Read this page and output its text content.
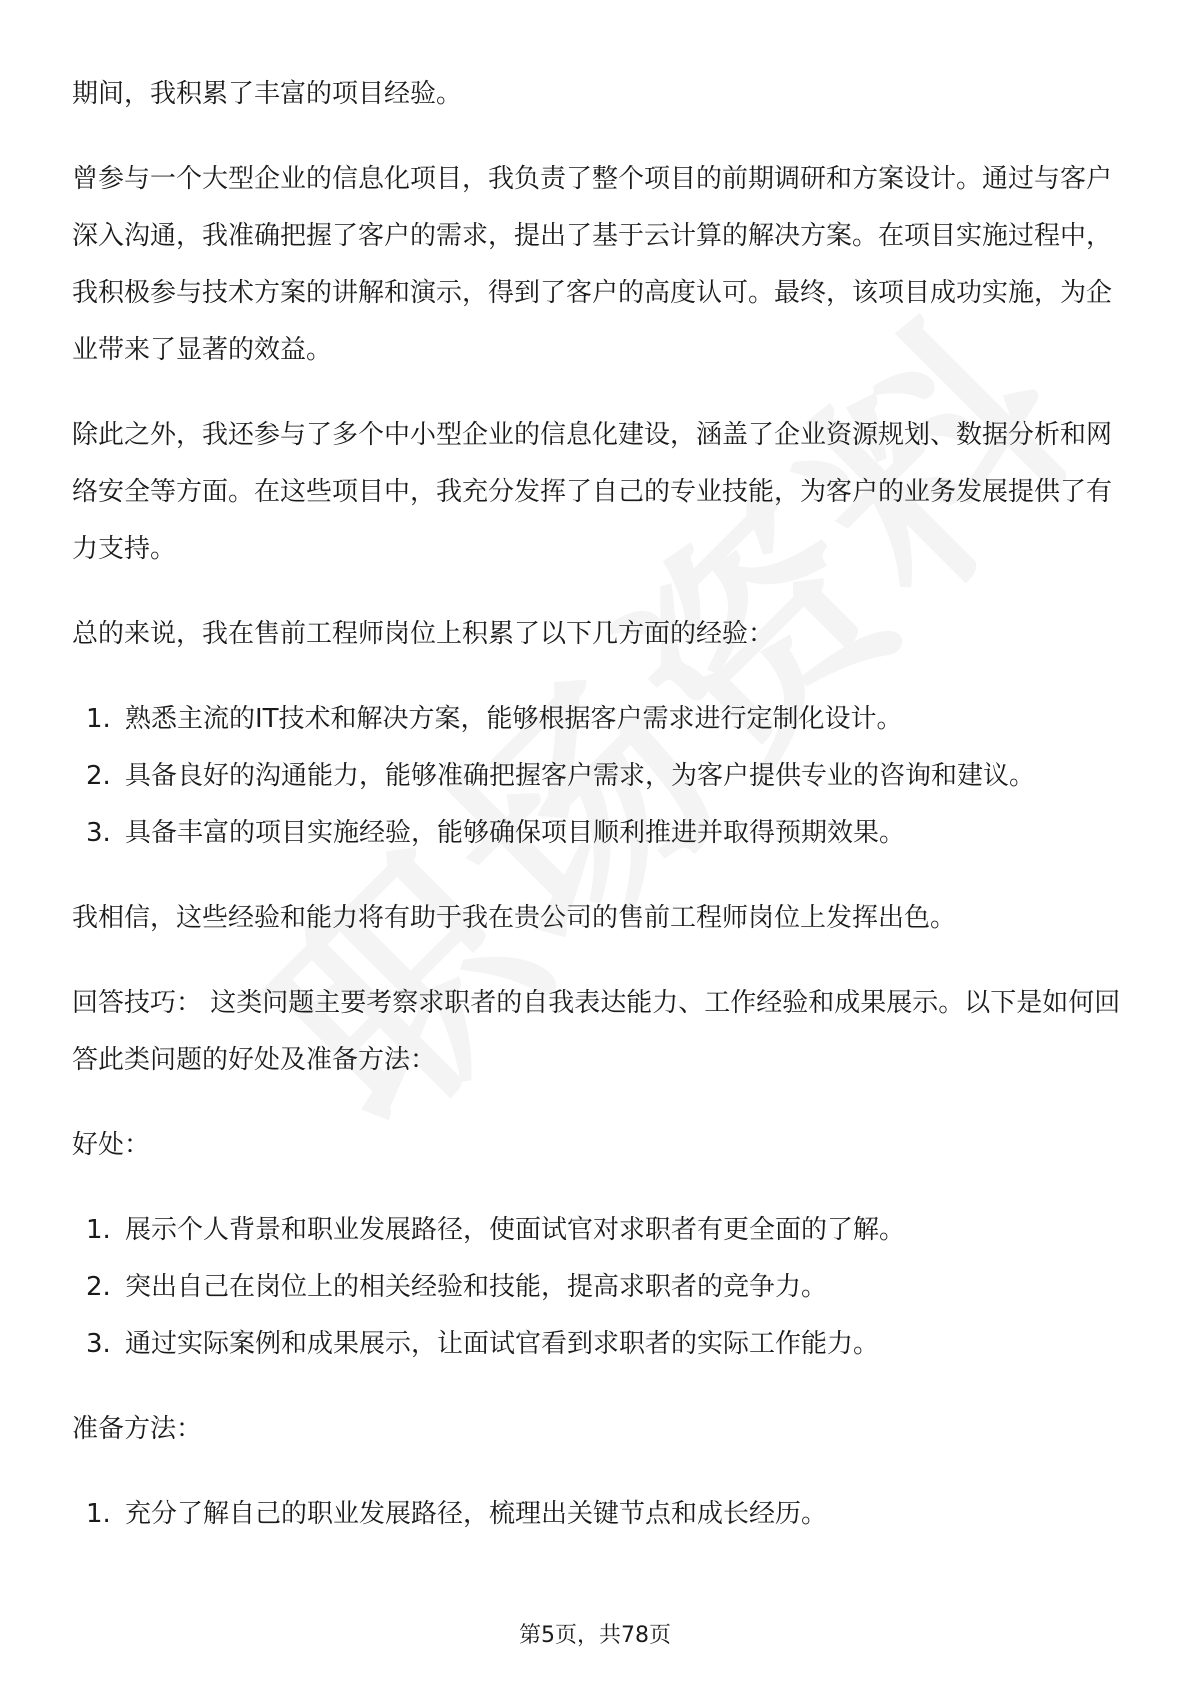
期间，我积累了丰富的项目经验。

曾参与一个大型企业的信息化项目，我负责了整个项目的前期调研和方案设计。通过与客户深入沟通，我准确把握了客户的需求，提出了基于云计算的解决方案。在项目实施过程中，我积极参与技术方案的讲解和演示，得到了客户的高度认可。最终，该项目成功实施，为企业带来了显著的效益。

除此之外，我还参与了多个中小型企业的信息化建设，涵盖了企业资源规划、数据分析和网络安全等方面。在这些项目中，我充分发挥了自己的专业技能，为客户的业务发展提供了有力支持。

总的来说，我在售前工程师岗位上积累了以下几方面的经验：

1. 熟悉主流的IT技术和解决方案，能够根据客户需求进行定制化设计。
2. 具备良好的沟通能力，能够准确把握客户需求，为客户提供专业的咨询和建议。
3. 具备丰富的项目实施经验，能够确保项目顺利推进并取得预期效果。

我相信，这些经验和能力将有助于我在贵公司的售前工程师岗位上发挥出色。

回答技巧： 这类问题主要考察求职者的自我表达能力、工作经验和成果展示。以下是如何回答此类问题的好处及准备方法：

好处：

1. 展示个人背景和职业发展路径，使面试官对求职者有更全面的了解。
2. 突出自己在岗位上的相关经验和技能，提高求职者的竞争力。
3. 通过实际案例和成果展示，让面试官看到求职者的实际工作能力。

准备方法：

1. 充分了解自己的职业发展路径，梳理出关键节点和成长经历。
第5页，共78页
